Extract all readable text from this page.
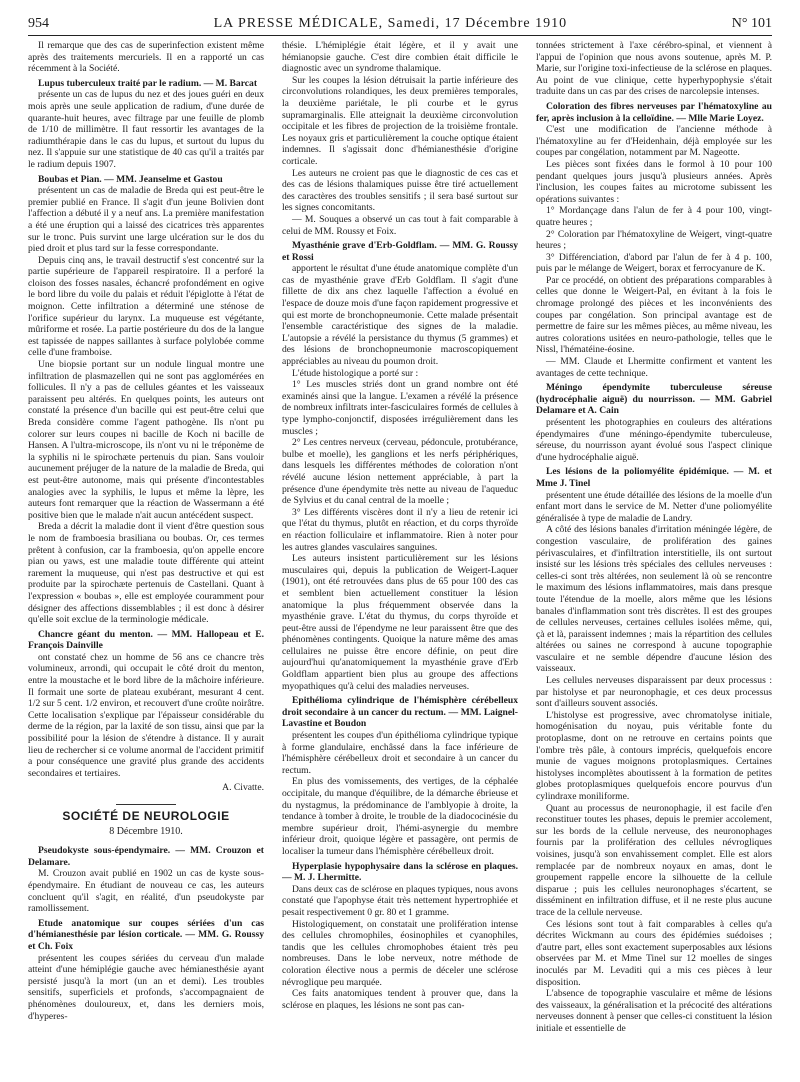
954	LA PRESSE MÉDICALE, Samedi, 17 Décembre 1910	N° 101

Il remarque que des cas de superinfection existent même après des traitements mercuriels. Il en a rapporté un cas récemment à la Société.

Lupus tuberculeux traité par le radium. — M. Barcat

présente un cas de lupus du nez et des joues guéri en deux mois après une seule application de radium, d'une durée de quarante-huit heures, avec filtrage par une feuille de plomb de 1/10 de millimètre. Il faut ressortir les avantages de la radiumthérapie dans le cas du lupus, et surtout du lupus du nez. Il s'appuie sur une statistique de 40 cas qu'il a traités par le radium depuis 1907.

Boubas et Pian. — MM. Jeanselme et Gastou

présentent un cas de maladie de Breda qui est peut-être le premier publié en France. Il s'agit d'un jeune Bolivien dont l'affection a débuté il y a neuf ans. La première manifestation a été une éruption qui a laissé des cicatrices très apparentes sur le tronc. Puis survint une large ulcération sur le dos du pied droit et plus tard sur la fesse correspondante.

Depuis cinq ans, le travail destructif s'est concentré sur la partie supérieure de l'appareil respiratoire. Il a perforé la cloison des fosses nasales, échancré profondément en ogive le bord libre du voile du palais et réduit l'épiglotte à l'état de moignon. Cette infiltration a déterminé une sténose de l'orifice supérieur du larynx. La muqueuse est végétante, mûriforme et rosée. La partie postérieure du dos de la langue est tapissée de nappes saillantes à surface polylobée comme celle d'une framboise.

Une biopsie portant sur un nodule lingual montre une infiltration de plasmazellen qui ne sont pas agglomérées en follicules. Il n'y a pas de cellules géantes et les vaisseaux paraissent peu altérés. En quelques points, les auteurs ont constaté la présence d'un bacille qui est peut-être celui que Breda considère comme l'agent pathogène. Ils n'ont pu colorer sur leurs coupes ni bacille de Koch ni bacille de Hansen. A l'ultra-microscope, ils n'ont vu ni le tréponème de la syphilis ni le spirochæte pertenuis du pian. Sans vouloir aucunement préjuger de la nature de la maladie de Breda, qui est peut-être autonome, mais qui présente d'incontestables analogies avec la syphilis, le lupus et même la lèpre, les auteurs font remarquer que la réaction de Wassermann a été positive bien que le malade n'ait aucun antécédent suspect.

Breda a décrit la maladie dont il vient d'être question sous le nom de framboesia brasiliana ou boubas. Or, ces termes prêtent à confusion, car la framboesia, qu'on appelle encore pian ou yaws, est une maladie toute différente qui atteint rarement la muqueuse, qui n'est pas destructive et qui est produite par la spirochæte pertenuis de Castellani. Quant à l'expression « boubas », elle est employée couramment pour désigner des affections dissemblables ; il est donc à désirer qu'elle soit exclue de la terminologie médicale.

Chancre géant du menton. — MM. Hallopeau et E. François Dainville

ont constaté chez un homme de 56 ans ce chancre très volumineux, arrondi, qui occupait le côté droit du menton, entre la moustache et le bord libre de la mâchoire inférieure. Il formait une sorte de plateau exubérant, mesurant 4 cent. 1/2 sur 5 cent. 1/2 environ, et recouvert d'une croûte noirâtre. Cette localisation s'explique par l'épaisseur considérable du derme de la région, par la laxité de son tissu, ainsi que par la possibilité pour la lésion de s'étendre à distance. Il y aurait lieu de rechercher si ce volume anormal de l'accident primitif a pour conséquence une gravité plus grande des accidents secondaires et tertiaires.

A. Civatte.

SOCIÉTÉ DE NEUROLOGIE
8 Décembre 1910.

Pseudokyste sous-épendymaire. — MM. Crouzon et Delamare.

M. Crouzon avait publié en 1902 un cas de kyste sous-épendymaire. En étudiant de nouveau ce cas, les auteurs concluent qu'il s'agit, en réalité, d'un pseudokyste par ramollissement.

Etude anatomique sur coupes sériées d'un cas d'hémianesthésie par lésion corticale. — MM. G. Roussy et Ch. Foix

présentent les coupes sériées du cerveau d'un malade atteint d'une hémiplégie gauche avec hémianesthésie ayant persisté jusqu'à la mort (un an et demi). Les troubles sensitifs, superficiels et profonds, s'accompagnaient de phénomènes douloureux, et, dans les derniers mois, d'hyperes-

thésie. L'hémiplégie était légère, et il y avait une hémianopsie gauche. C'est dire combien était difficile le diagnostic avec un syndrome thalamique.

Sur les coupes la lésion détruisait la partie inférieure des circonvolutions rolandiques, les deux premières temporales, la deuxième pariétale, le pli courbe et le gyrus supramarginalis. Elle atteignait la deuxième circonvolution occipitale et les fibres de projection de la troisième frontale. Les noyaux gris et particulièrement la couche optique étaient indemnes. Il s'agissait donc d'hémianesthésie d'origine corticale.

Les auteurs ne croient pas que le diagnostic de ces cas et des cas de lésions thalamiques puisse être tiré actuellement des caractères des troubles sensitifs ; il sera basé surtout sur les signes concomitants.

— M. Souques a observé un cas tout à fait comparable à celui de MM. Roussy et Foix.

Myasthénie grave d'Erb-Goldflam. — MM. G. Roussy et Rossi

apportent le résultat d'une étude anatomique complète d'un cas de myasthénie grave d'Erb Goldflam. Il s'agit d'une fillette de dix ans chez laquelle l'affection a évolué en l'espace de douze mois d'une façon rapidement progressive et qui est morte de bronchopneumonie. Cette malade présentait l'ensemble caractéristique des signes de la maladie. L'autopsie a révélé la persistance du thymus (5 grammes) et des lésions de bronchopneumonie macroscopiquement appréciables au niveau du poumon droit.

L'étude histologique a porté sur :

1° Les muscles striés dont un grand nombre ont été examinés ainsi que la langue. L'examen a révélé la présence de nombreux infiltrats inter-fasciculaires formés de cellules à type lympho-conjonctif, disposées irrégulièrement dans les muscles ;

2° Les centres nerveux (cerveau, pédoncule, protubérance, bulbe et moelle), les ganglions et les nerfs périphériques, dans lesquels les différentes méthodes de coloration n'ont révélé aucune lésion nettement appréciable, à part la présence d'une épendymite très nette au niveau de l'aqueduc de Sylvius et du canal central de la moelle ;

3° Les différents viscères dont il n'y a lieu de retenir ici que l'état du thymus, plutôt en réaction, et du corps thyroïde en réaction folliculaire et inflammatoire. Rien à noter pour les autres glandes vasculaires sanguines.

Les auteurs insistent particulièrement sur les lésions musculaires qui, depuis la publication de Weigert-Laquer (1901), ont été retrouvées dans plus de 65 pour 100 des cas et semblent bien actuellement constituer la lésion anatomique la plus fréquemment observée dans la myasthénie grave. L'état du thymus, du corps thyroïde et peut-être aussi de l'épendyme ne leur paraissent être que des phénomènes contingents. Quoique la nature même des amas cellulaires ne puisse être encore définie, on peut dire aujourd'hui qu'anatomiquement la myasthénie grave d'Erb Goldflam appartient bien plus au groupe des affections myopathiques qu'à celui des maladies nerveuses.

Epithélioma cylindrique de l'hémisphère cérébelleux droit secondaire à un cancer du rectum. — MM. Laignel-Lavastine et Boudon

présentent les coupes d'un épithélioma cylindrique typique à forme glandulaire, enchâssé dans la face inférieure de l'hémisphère cérébelleux droit et secondaire à un cancer du rectum.

En plus des vomissements, des vertiges, de la céphalée occipitale, du manque d'équilibre, de la démarche ébrieuse et du nystagmus, la prédominance de l'amblyopie à droite, la tendance à tomber à droite, le trouble de la diadococinésie du membre supérieur droit, l'hémi-asynergie du membre inférieur droit, quoique légère et passagère, ont permis de localiser la tumeur dans l'hémisphère cérébelleux droit.

Hyperplasie hypophysaire dans la sclérose en plaques. — M. J. Lhermitte.

Dans deux cas de sclérose en plaques typiques, nous avons constaté que l'apophyse était très nettement hypertrophiée et pesait respectivement 0 gr. 80 et 1 gramme.

Histologiquement, on constatait une prolifération intense des cellules chromophiles, éosinophiles et cyanophiles, tandis que les cellules chromophobes étaient très peu nombreuses. Dans le lobe nerveux, notre méthode de coloration élective nous a permis de déceler une sclérose névroglique peu marquée.

Ces faits anatomiques tendent à prouver que, dans la sclérose en plaques, les lésions ne sont pas can-

tonnées strictement à l'axe cérébro-spinal, et viennent à l'appui de l'opinion que nous avons soutenue, après M. P. Marie, sur l'origine toxi-infectieuse de la sclérose en plaques. Au point de vue clinique, cette hyperhypophysie s'était traduite dans un cas par des crises de narcolepsie intenses.

Coloration des fibres nerveuses par l'hématoxyline au fer, après inclusion à la celloïdine. — Mlle Marie Loyez.

C'est une modification de l'ancienne méthode à l'hématoxyline au fer d'Heidenhain, déjà employée sur les coupes par congélation, notamment par M. Nageotte.

Les pièces sont fixées dans le formol à 10 pour 100 pendant quelques jours jusqu'à plusieurs années. Après l'inclusion, les coupes faites au microtome subissent les opérations suivantes :

1° Mordançage dans l'alun de fer à 4 pour 100, vingt-quatre heures ;

2° Coloration par l'hématoxyline de Weigert, vingt-quatre heures ;

3° Différenciation, d'abord par l'alun de fer à 4 p. 100, puis par le mélange de Weigert, borax et ferrocyanure de K.

Par ce procédé, on obtient des préparations comparables à celles que donne le Weigert-Pal, en évitant à la fois le chromage prolongé des pièces et les inconvénients des coupes par congélation. Son principal avantage est de permettre de faire sur les mêmes pièces, au même niveau, les autres colorations usitées en neuro-pathologie, telles que le Nissl, l'hématéine-éosine.

— MM. Claude et Lhermitte confirment et vantent les avantages de cette technique.

Méningo épendymite tuberculeuse séreuse (hydrocéphalie aiguë) du nourrisson. — MM. Gabriel Delamare et A. Cain

présentent les photographies en couleurs des altérations épendymaires d'une méningo-épendymite tuberculeuse, séreuse, du nourrisson ayant évolué sous l'aspect clinique d'une hydrocéphalie aiguë.

Les lésions de la poliomyélite épidémique. — M. et Mme J. Tinel

présentent une étude détaillée des lésions de la moelle d'un enfant mort dans le service de M. Netter d'une poliomyélite généralisée à type de maladie de Landry.

A côté des lésions banales d'irritation méningée légère, de congestion vasculaire, de prolifération des gaines périvasculaires, et d'infiltration interstitielle, ils ont surtout insisté sur les lésions très spéciales des cellules nerveuses : celles-ci sont très altérées, non seulement là où se rencontre le maximum des lésions inflammatoires, mais dans presque toute l'étendue de la moelle, alors même que les lésions banales d'inflammation sont très discrètes. Il est des groupes de cellules nerveuses, certaines cellules isolées même, qui, çà et là, paraissent indemnes ; mais la répartition des cellules altérées ou saines ne correspond à aucune topographie vasculaire et ne semble dépendre d'aucune lésion des vaisseaux.

Les cellules nerveuses disparaissent par deux processus : par histolyse et par neuronophagie, et ces deux processus sont d'ailleurs souvent associés.

L'histolyse est progressive, avec chromatolyse initiale, homogénisation du noyau, puis véritable fonte du protoplasme, dont on ne retrouve en certains points que l'ombre très pâle, à contours imprécis, quelquefois encore munie de vagues moignons protoplasmiques. Certaines histolyses incomplètes aboutissent à la formation de petites globes protoplasmiques quelquefois encore pourvus d'un cylindraxe moniliforme.

Quant au processus de neuronophagie, il est facile d'en reconstituer toutes les phases, depuis le premier accolement, sur les bords de la cellule nerveuse, des neuronophages fournis par la prolifération des cellules névrogliques voisines, jusqu'à son envahissement complet. Elle est alors remplacée par de nombreux noyaux en amas, dont le groupement rappelle encore la silhouette de la cellule disparue ; puis les cellules neuronophages s'écartent, se disséminent en infiltration diffuse, et il ne reste plus aucune trace de la cellule nerveuse.

Ces lésions sont tout à fait comparables à celles qu'a décrites Wickmann au cours des épidémies suédoises ; d'autre part, elles sont exactement superposables aux lésions observées par M. et Mme Tinel sur 12 moelles de singes inoculés par M. Levaditi qui a mis ces pièces à leur disposition.

L'absence de topographie vasculaire et même de lésions des vaisseaux, la généralisation et la précocité des altérations nerveuses donnent à penser que celles-ci constituent la lésion initiale et essentielle de
